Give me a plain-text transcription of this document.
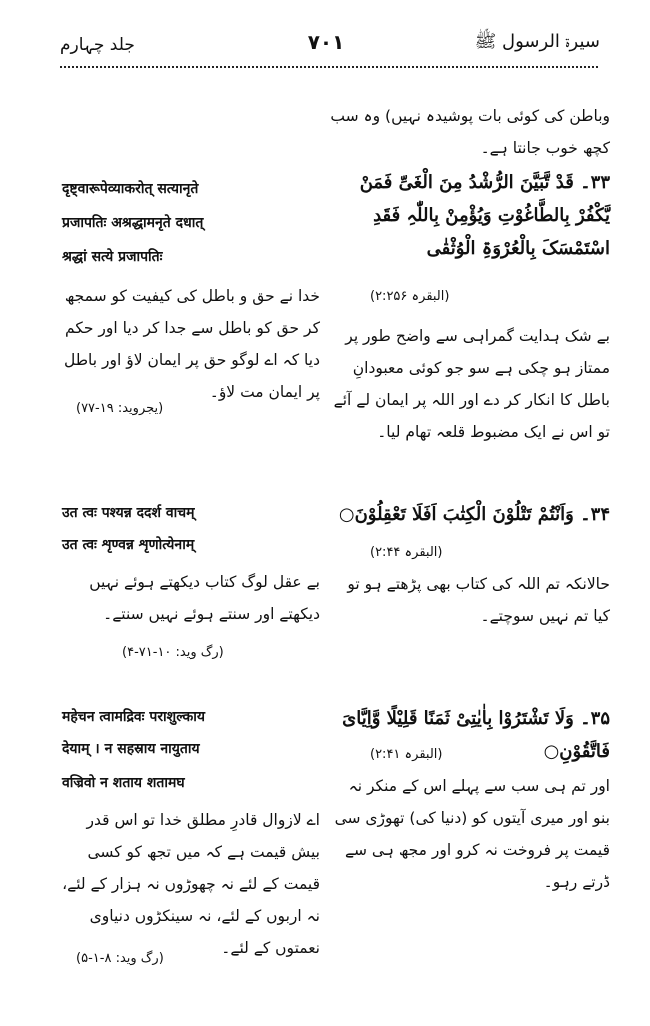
جلد چہارم	۷۰۱	سیرۃ الرسول ﷺ
وباطن کی کوئی بات پوشیدہ نہیں) وہ سب کچھ خوب جانتا ہے۔
۳۳۔ قَدْ تَّبَیَّنَ الرُّشْدُ مِنَ الْغَیِّ فَمَنْ یَّکْفُرْ بِالطَّاغُوْتِ وَیُؤْمِنْ بِاللّٰہِ فَقَدِ اسْتَمْسَکَ بِالْعُرْوَۃِ الْوُثْقٰی
(البقرہ ۲:۲۵۶)
بے شک ہدایت گمراہی سے واضح طور پر ممتاز ہو چکی ہے سو جو کوئی معبودانِ باطل کا انکار کر دے اور اللہ پر ایمان لے آئے تو اس نے ایک مضبوط قلعہ تھام لیا۔
۳۴۔ وَاَنْتُمْ تَتْلُوْنَ الْکِتٰبَ اَفَلَا تَعْقِلُوْنَ○
(البقرہ ۲:۴۴)
حالانکہ تم اللہ کی کتاب بھی پڑھتے ہو تو کیا تم نہیں سوچتے۔
۳۵۔ وَلَا تَشْتَرُوْا بِاٰیٰتِیْ ثَمَنًا قَلِیْلًا وَّاِیَّایَ فَاتَّقُوْنِ○
(البقرہ ۲:۴۱)
اور تم ہی سب سے پہلے اس کے منکر نہ بنو اور میری آیتوں کو (دنیا کی) تھوڑی سی قیمت پر فروخت نہ کرو اور مجھ ہی سے ڈرتے رہو۔
दृष्ट्वारूपेव्याकरोत् सत्यानृते
प्रजापतिः अश्रद्धामनृते दधात्
श्रद्धां सत्ये प्रजापतिः
خدا نے حق و باطل کی کیفیت کو سمجھ کر حق کو باطل سے جدا کر دیا اور حکم دیا کہ اے لوگو حق پر ایمان لاؤ اور باطل پر ایمان مت لاؤ۔
(یجروید: ۱۹-۷۷)
उत त्वः पश्यन्न ददर्श वाचम्
उत त्वः शृण्वन्न शृणोत्येनाम्
بے عقل لوگ کتاب دیکھتے ہوئے نہیں دیکھتے اور سنتے ہوئے نہیں سنتے۔
(رگ وید: ۱۰-۷۱-۴)
महेचन त्वामद्रिवः पराशुल्काय
देयाम् । न सहस्राय नायुताय
वज्रिवो न शताय शतामघ
اے لازوال قادرِ مطلق خدا تو اس قدر بیش قیمت ہے کہ میں تجھ کو کسی قیمت کے لئے نہ چھوڑوں نہ ہزار کے لئے، نہ اربوں کے لئے، نہ سینکڑوں دنیاوی نعمتوں کے لئے۔
(رگ وید: ۸-۱-۵)
